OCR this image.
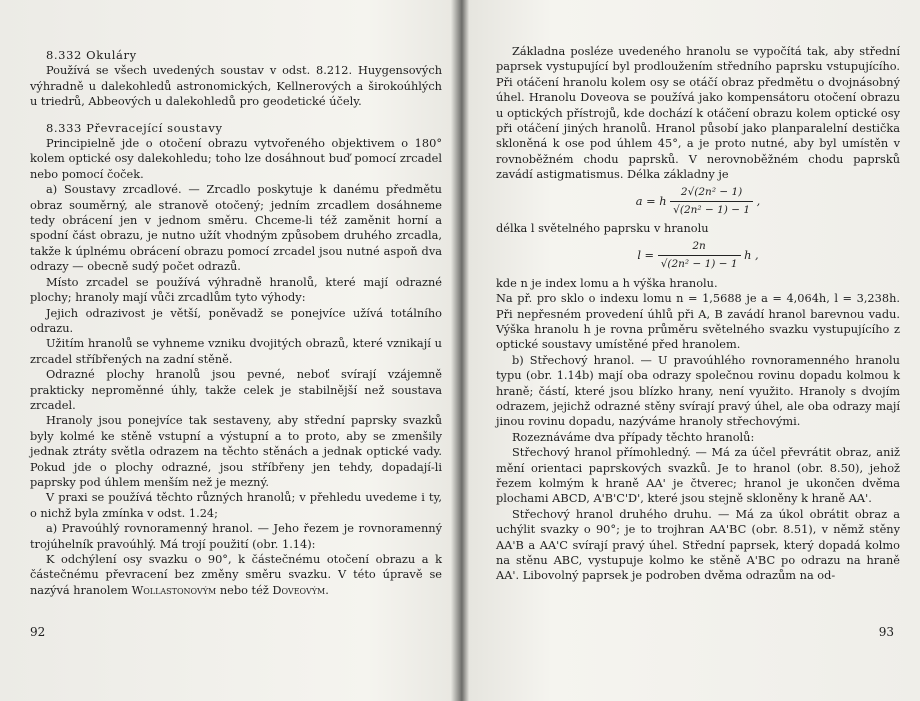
8.332 Okuláry

Používá se všech uvedených soustav v odst. 8.212. Huygensových výhradně u dalekohledů astronomických, Kellnerových a širokoúhlých u triedrů, Abbeových u dalekohledů pro geodetické účely.

8.333 Převracející soustavy

Principielně jde o otočení obrazu vytvořeného objektivem o 180° kolem optické osy dalekohledu; toho lze dosáhnout buď pomocí zrcadel nebo pomocí čoček.

a) Soustavy zrcadlové. — Zrcadlo poskytuje k danému předmětu obraz souměrný, ale stranově otočený; jedním zrcadlem dosáhneme tedy obrácení jen v jednom směru. Chceme-li též zaměnit horní a spodní část obrazu, je nutno užít vhodným způsobem druhého zrcadla, takže k úplnému obrácení obrazu pomocí zrcadel jsou nutné aspoň dva odrazy — obecně sudý počet odrazů.

Místo zrcadel se používá výhradně hranolů, které mají odrazné plochy; hranoly mají vůči zrcadlům tyto výhody:

Jejich odrazivost je větší, poněvadž se ponejvíce užívá totálního odrazu.

Užitím hranolů se vyhneme vzniku dvojitých obrazů, které vznikají u zrcadel stříbřených na zadní stěně.

Odrazné plochy hranolů jsou pevné, neboť svírají vzájemně prakticky neproměnné úhly, takže celek je stabilnější než soustava zrcadel.

Hranoly jsou ponejvíce tak sestaveny, aby střední paprsky svazků byly kolmé ke stěně vstupní a výstupní a to proto, aby se zmenšily jednak ztráty světla odrazem na těchto stěnách a jednak optické vady. Pokud jde o plochy odrazné, jsou stříbřeny jen tehdy, dopadají-li paprsky pod úhlem menším než je mezný.

V praxi se používá těchto různých hranolů; v přehledu uvedeme i ty, o nichž byla zmínka v odst. 1.24;

a) Pravoúhlý rovnoramenný hranol. — Jeho řezem je rovnoramenný trojúhelník pravoúhlý. Má trojí použití (obr. 1.14):

K odchýlení osy svazku o 90°, k částečnému otočení obrazu a k částečnému převracení bez změny směru svazku. V této úpravě se nazývá hranolem Wollastonovým nebo též Doveovým.

92

Základna posléze uvedeného hranolu se vypočítá tak, aby střední paprsek vystupující byl prodloužením středního paprsku vstupujícího. Při otáčení hranolu kolem osy se otáčí obraz předmětu o dvojnásobný úhel. Hranolu Doveova se používá jako kompensátoru otočení obrazu u optických přístrojů, kde dochází k otáčení obrazu kolem optické osy při otáčení jiných hranolů. Hranol působí jako planparalelní destička skloněná k ose pod úhlem 45°, a je proto nutné, aby byl umístěn v rovnoběžném chodu paprsků. V nerovnoběžném chodu paprsků zavádí astigmatismus. Délka základny je

a = h $\frac{\text{2√(2n² − 1)}}{\text{√(2n² − 1) − 1}}$ ,

délka l světelného paprsku v hranolu

$l = \frac{2n}{\text{√(2n² − 1) − 1}}$ h ,

kde n je index lomu a h výška hranolu.

Na př. pro sklo o indexu lomu n = 1,5688 je a = 4,064h, l = 3,238h. Při nepřesném provedení úhlů při A, B zavádí hranol barevnou vadu. Výška hranolu h je rovna průměru světelného svazku vystupujícího z optické soustavy umístěné před hranolem.

b) Střechový hranol. — U pravoúhlého rovnoramenného hranolu typu (obr. 1.14b) mají oba odrazy společnou rovinu dopadu kolmou k hraně; částí, které jsou blízko hrany, není využito. Hranoly s dvojím odrazem, jejichž odrazné stěny svírají pravý úhel, ale oba odrazy mají jinou rovinu dopadu, nazýváme hranoly střechovými.

Rozeznáváme dva případy těchto hranolů:

Střechový hranol přímohledný. — Má za účel převrátit obraz, aniž mění orientaci paprskových svazků. Je to hranol (obr. 8.50), jehož řezem kolmým k hraně AA' je čtverec; hranol je ukončen dvěma plochami ABCD, A'B'C'D', které jsou stejně skloněny k hraně AA'.

Střechový hranol druhého druhu. — Má za úkol obrátit obraz a uchýlit svazky o 90°; je to trojhran AA'BC (obr. 8.51), v němž stěny AA'B a AA'C svírají pravý úhel. Střední paprsek, který dopadá kolmo na stěnu ABC, vystupuje kolmo ke stěně A'BC po odrazu na hraně AA'. Libovolný paprsek je podroben dvěma odrazům na od-

93
